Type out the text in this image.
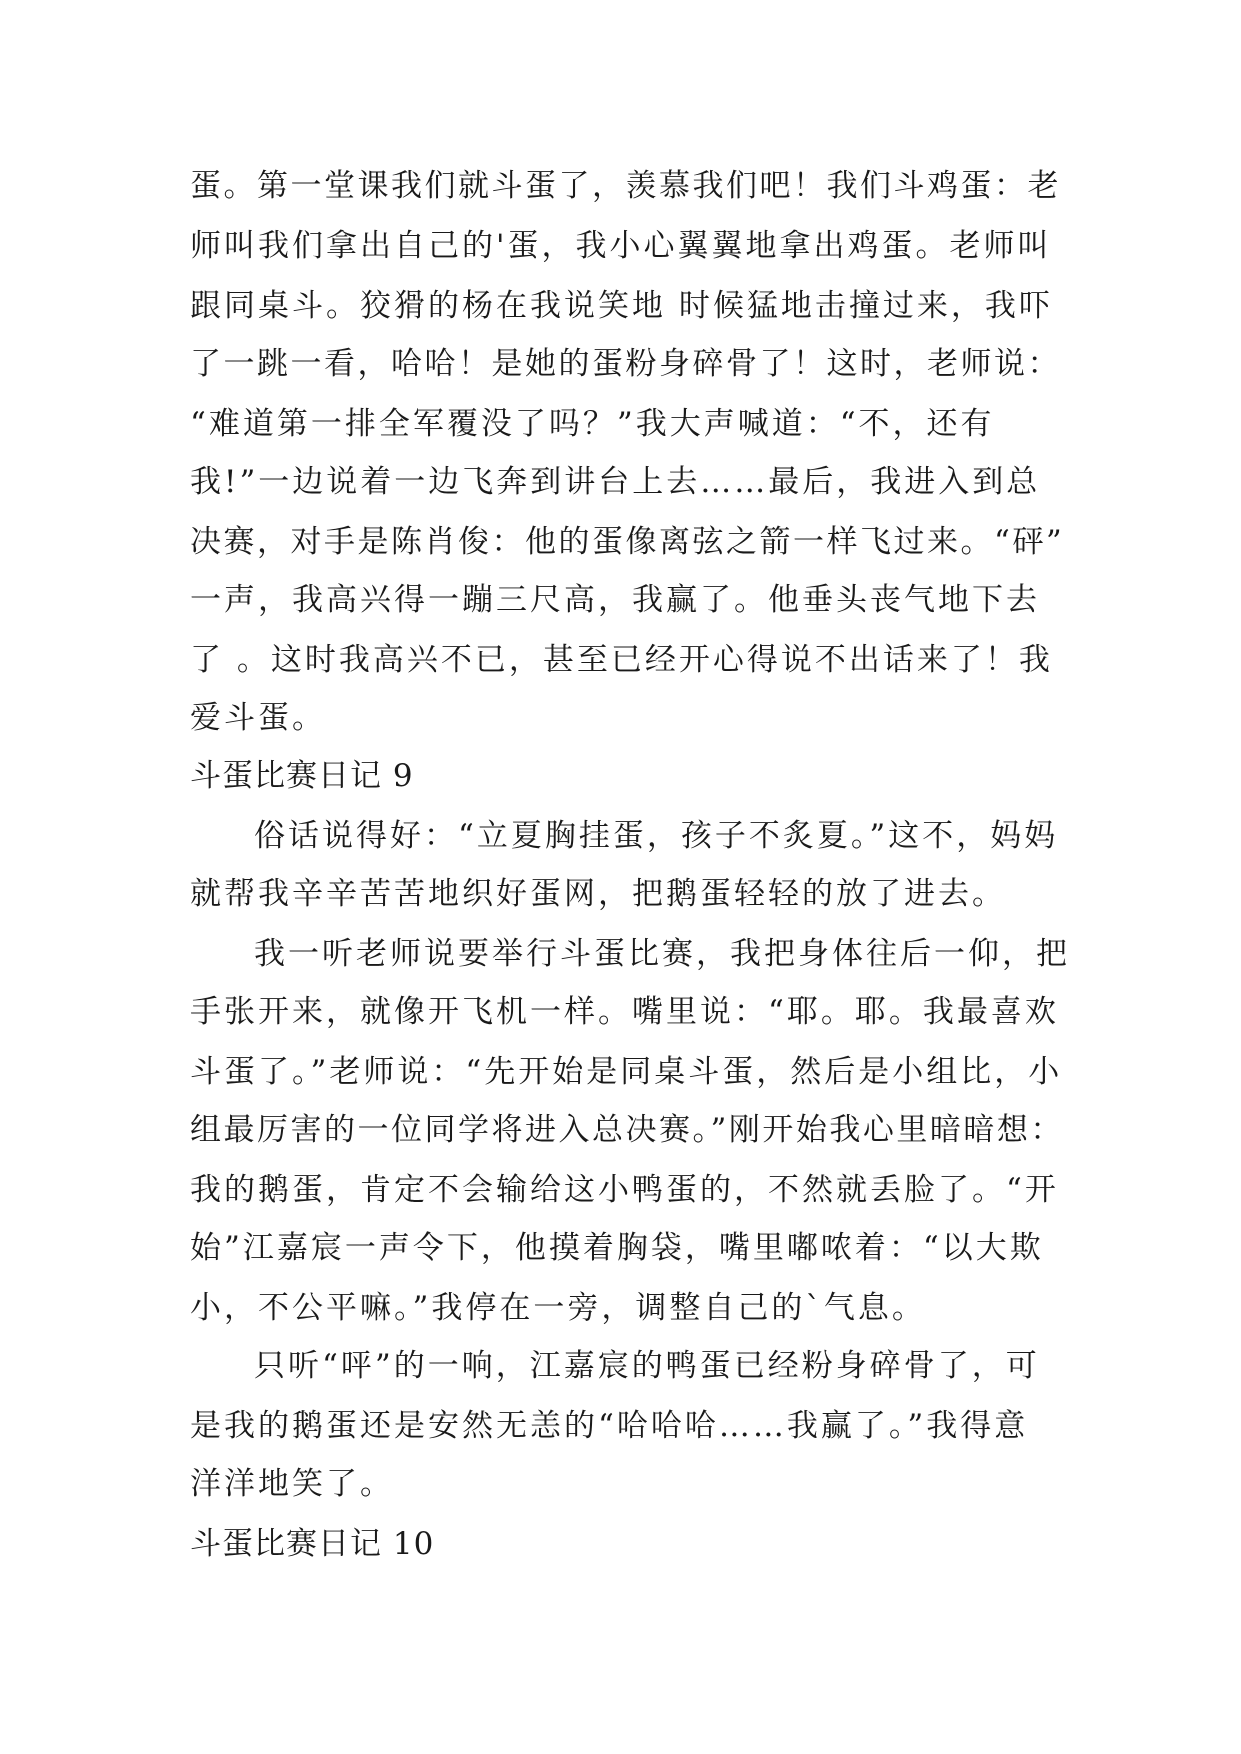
蛋。第一堂课我们就斗蛋了，羡慕我们吧！我们斗鸡蛋：老
师叫我们拿出自己的'蛋，我小心翼翼地拿出鸡蛋。老师叫
跟同桌斗。狡猾的杨在我说笑地 时候猛地击撞过来，我吓
了一跳一看，哈哈！是她的蛋粉身碎骨了！这时，老师说：
“难道第一排全军覆没了吗？”我大声喊道：“不，还有
我!”一边说着一边飞奔到讲台上去……最后，我进入到总
决赛，对手是陈肖俊：他的蛋像离弦之箭一样飞过来。“砰”
一声，我高兴得一蹦三尺高，我赢了。他垂头丧气地下去
了 。这时我高兴不已，甚至已经开心得说不出话来了！我
爱斗蛋。
斗蛋比赛日记 9
俗话说得好：“立夏胸挂蛋，孩子不炙夏。”这不，妈妈
就帮我辛辛苦苦地织好蛋网，把鹅蛋轻轻的放了进去。
我一听老师说要举行斗蛋比赛，我把身体往后一仰，把
手张开来，就像开飞机一样。嘴里说：“耶。耶。我最喜欢
斗蛋了。”老师说：“先开始是同桌斗蛋，然后是小组比，小
组最厉害的一位同学将进入总决赛。”刚开始我心里暗暗想：
我的鹅蛋，肯定不会输给这小鸭蛋的，不然就丢脸了。“开
始”江嘉宸一声令下，他摸着胸袋，嘴里嘟哝着：“以大欺
小，不公平嘛。”我停在一旁，调整自己的`气息。
只听“呯”的一响，江嘉宸的鸭蛋已经粉身碎骨了，可
是我的鹅蛋还是安然无恙的“哈哈哈……我赢了。”我得意
洋洋地笑了。
斗蛋比赛日记 10
